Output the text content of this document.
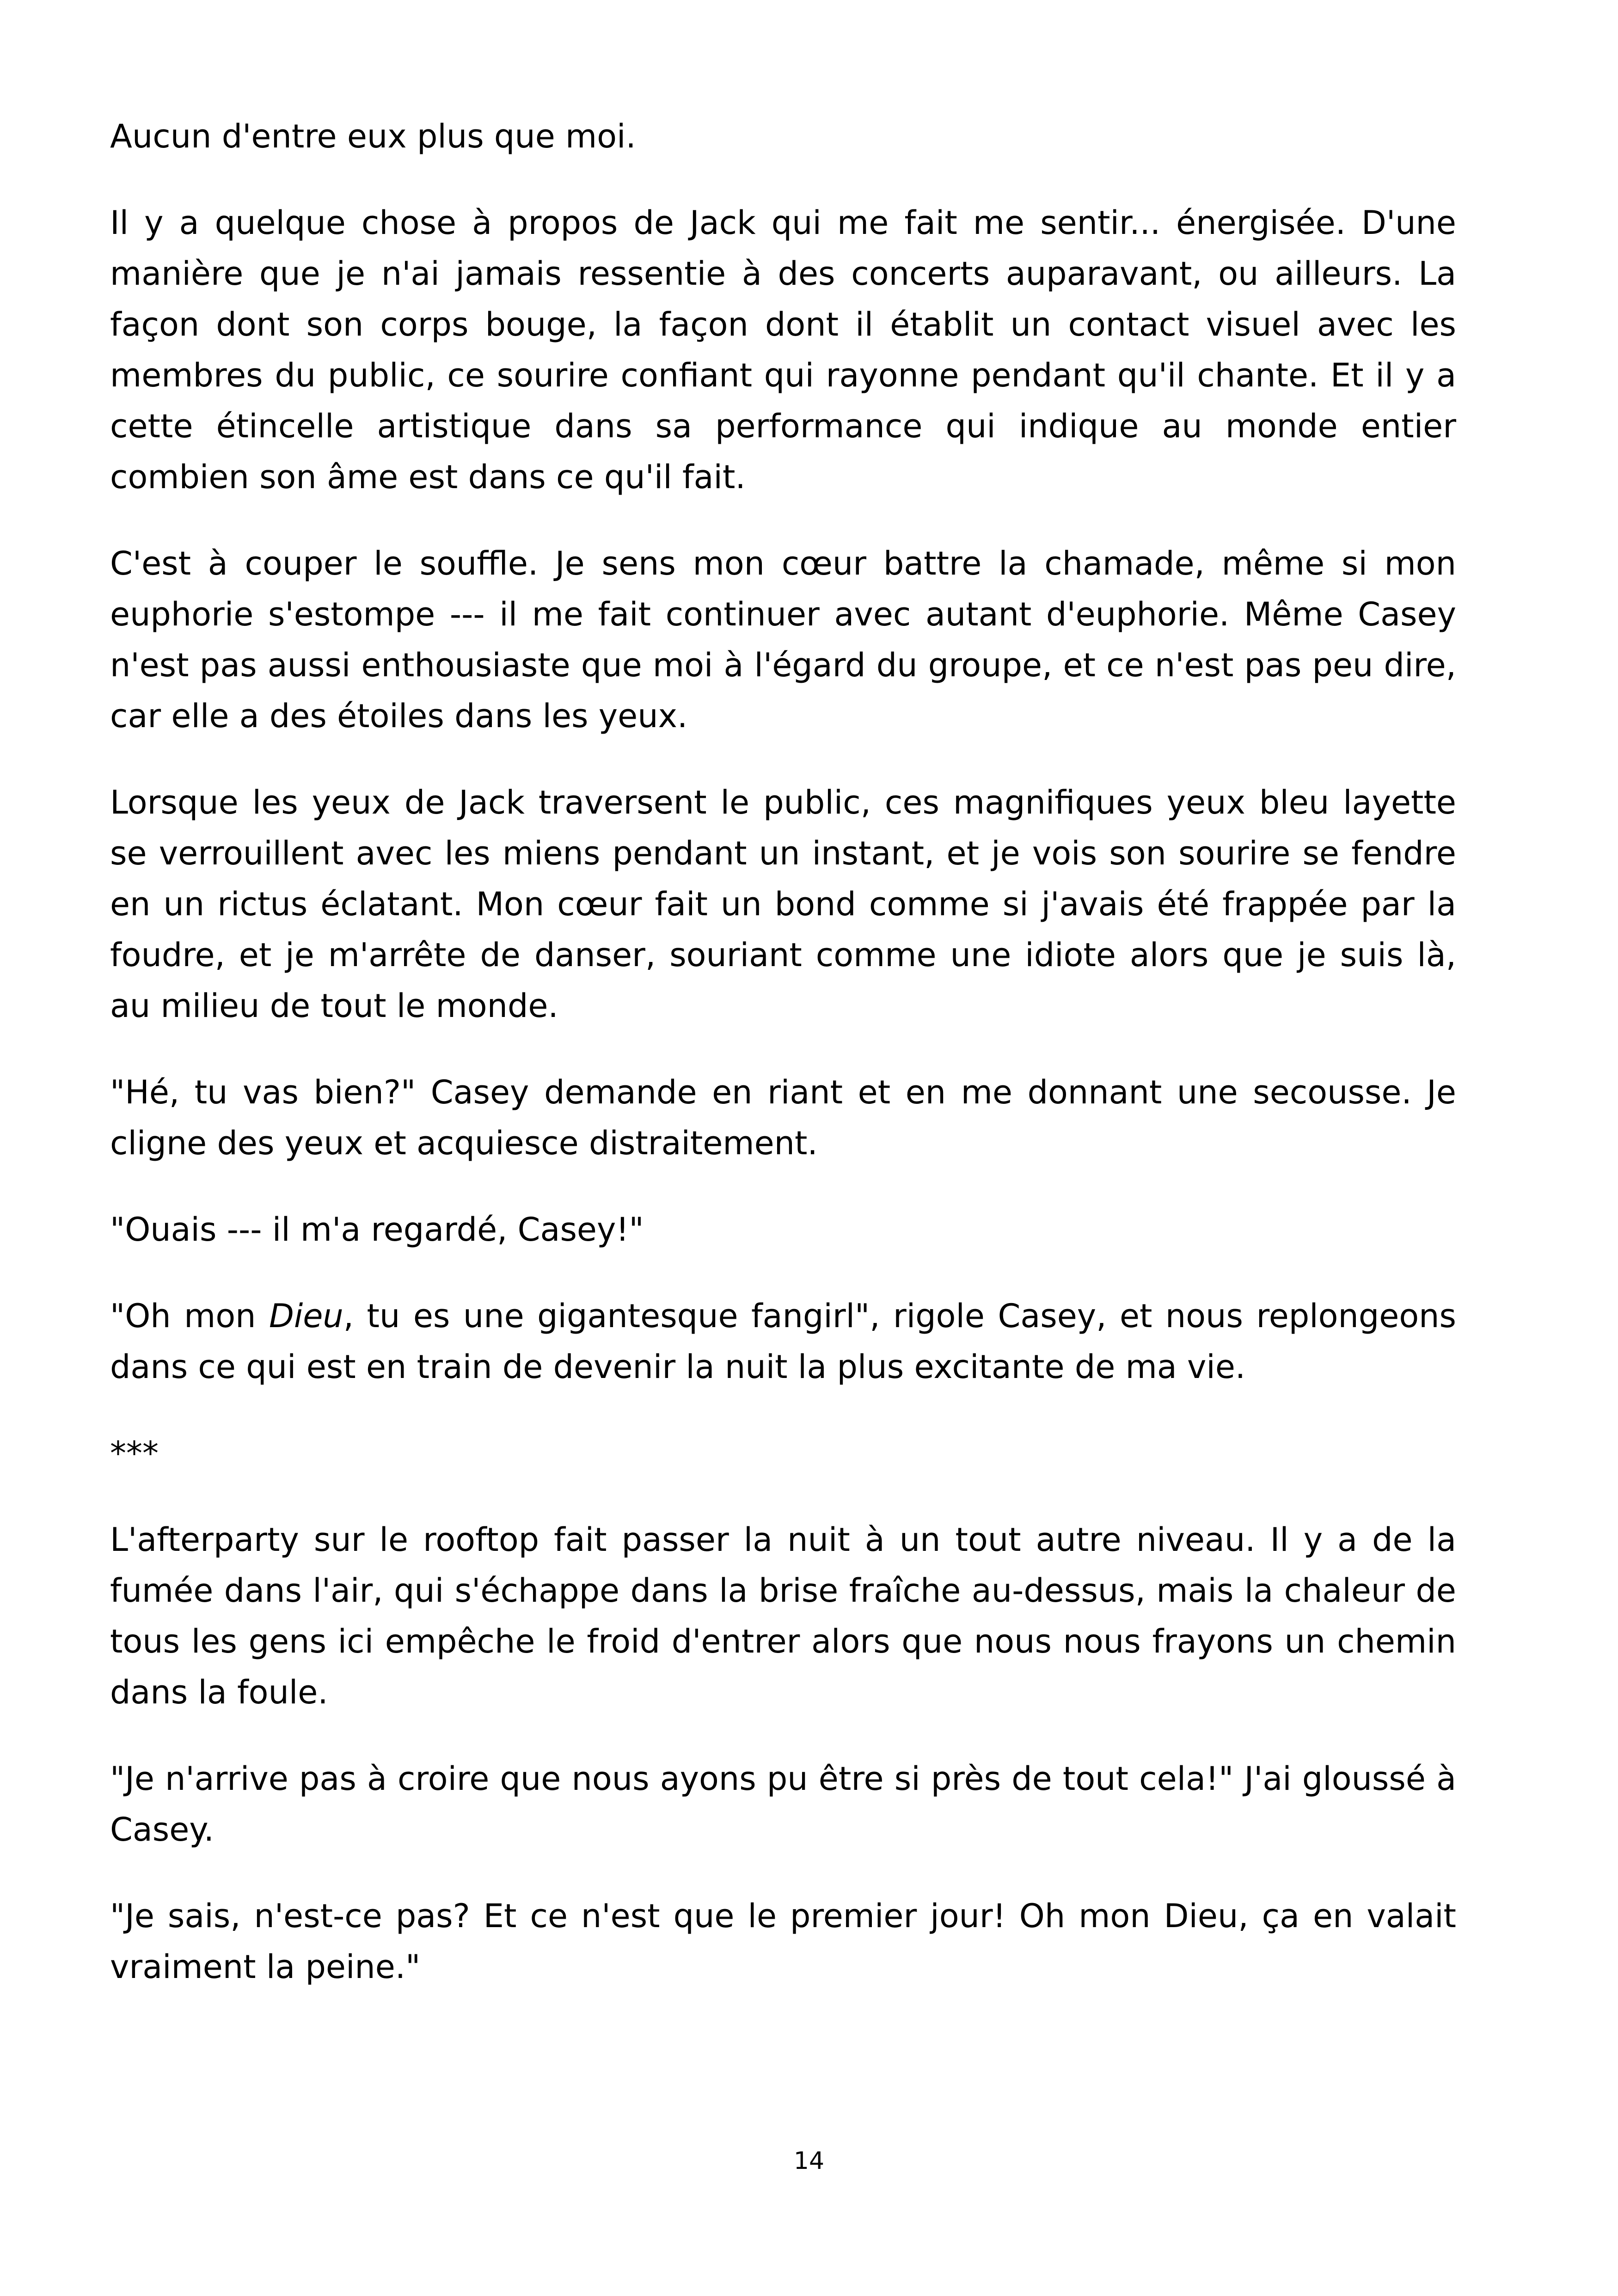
Aucun d'entre eux plus que moi.

Il y a quelque chose à propos de Jack qui me fait me sentir... énergisée. D'une manière que je n'ai jamais ressentie à des concerts auparavant, ou ailleurs. La façon dont son corps bouge, la façon dont il établit un contact visuel avec les membres du public, ce sourire confiant qui rayonne pendant qu'il chante. Et il y a cette étincelle artistique dans sa performance qui indique au monde entier combien son âme est dans ce qu'il fait.

C'est à couper le souffle. Je sens mon cœur battre la chamade, même si mon euphorie s'estompe --- il me fait continuer avec autant d'euphorie. Même Casey n'est pas aussi enthousiaste que moi à l'égard du groupe, et ce n'est pas peu dire, car elle a des étoiles dans les yeux.

Lorsque les yeux de Jack traversent le public, ces magnifiques yeux bleu layette se verrouillent avec les miens pendant un instant, et je vois son sourire se fendre en un rictus éclatant. Mon cœur fait un bond comme si j'avais été frappée par la foudre, et je m'arrête de danser, souriant comme une idiote alors que je suis là, au milieu de tout le monde.

"Hé, tu vas bien?" Casey demande en riant et en me donnant une secousse. Je cligne des yeux et acquiesce distraitement.

"Ouais --- il m'a regardé, Casey!"

"Oh mon Dieu, tu es une gigantesque fangirl", rigole Casey, et nous replongeons dans ce qui est en train de devenir la nuit la plus excitante de ma vie.

***

L'afterparty sur le rooftop fait passer la nuit à un tout autre niveau. Il y a de la fumée dans l'air, qui s'échappe dans la brise fraîche au-dessus, mais la chaleur de tous les gens ici empêche le froid d'entrer alors que nous nous frayons un chemin dans la foule.

"Je n'arrive pas à croire que nous ayons pu être si près de tout cela!" J'ai gloussé à Casey.

"Je sais, n'est-ce pas? Et ce n'est que le premier jour! Oh mon Dieu, ça en valait vraiment la peine."

14
